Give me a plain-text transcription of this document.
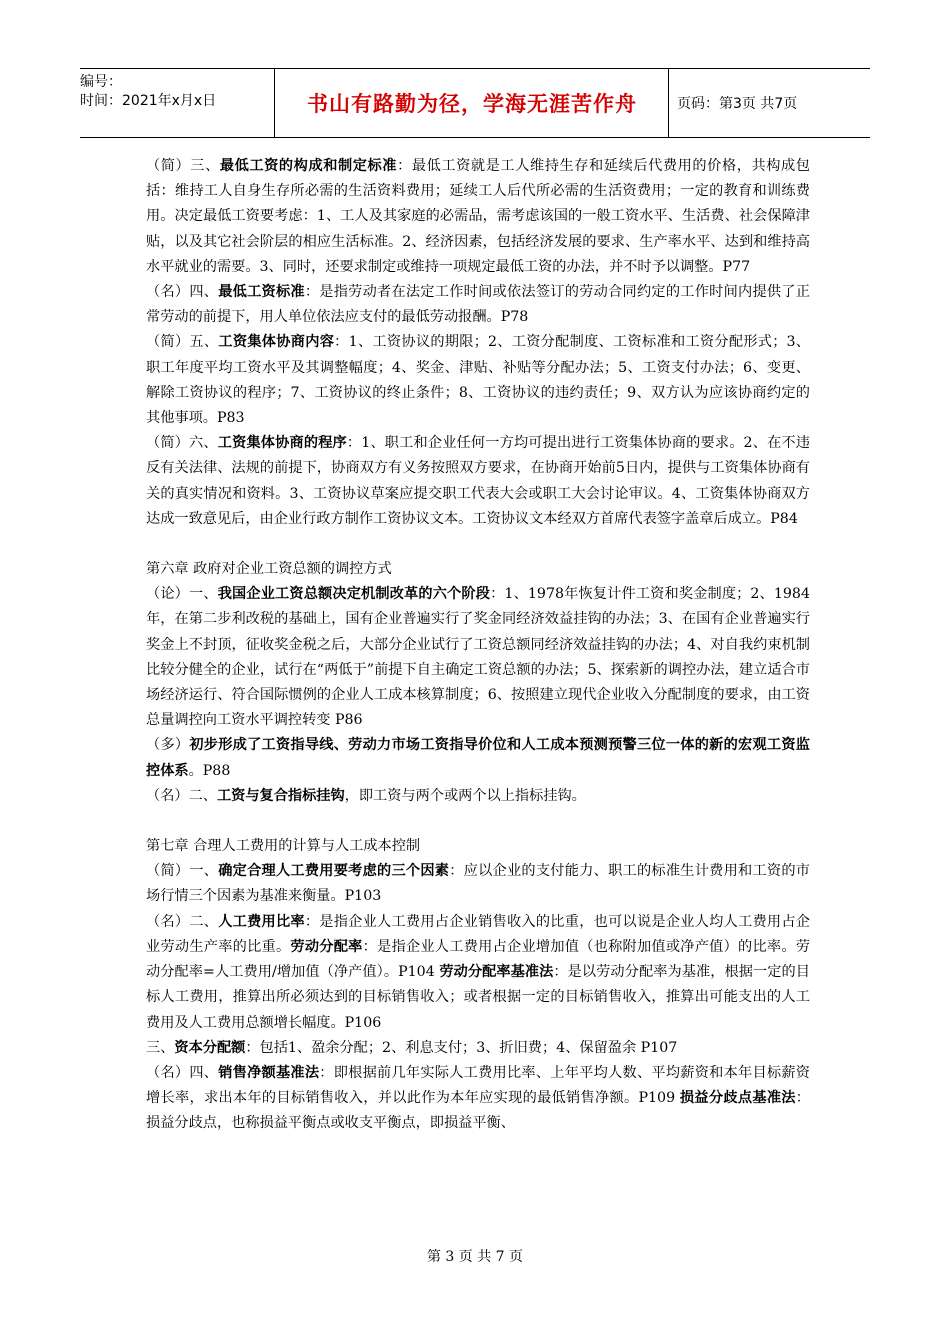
编号：
时间：2021年x月x日	书山有路勤为径，学海无涯苦作舟	页码：第3页 共7页

（简）三、最低工资的构成和制定标准：最低工资就是工人维持生存和延续后代费用的价格，共构成包括：维持工人自身生存所必需的生活资料费用；延续工人后代所必需的生活资费用；一定的教育和训练费用。决定最低工资要考虑：1、工人及其家庭的必需品，需考虑该国的一般工资水平、生活费、社会保障津贴，以及其它社会阶层的相应生活标准。2、经济因素，包括经济发展的要求、生产率水平、达到和维持高水平就业的需要。3、同时，还要求制定或维持一项规定最低工资的办法，并不时予以调整。P77

（名）四、最低工资标准：是指劳动者在法定工作时间或依法签订的劳动合同约定的工作时间内提供了正常劳动的前提下，用人单位依法应支付的最低劳动报酬。P78

（简）五、工资集体协商内容：1、工资协议的期限；2、工资分配制度、工资标准和工资分配形式；3、职工年度平均工资水平及其调整幅度；4、奖金、津贴、补贴等分配办法；5、工资支付办法；6、变更、解除工资协议的程序；7、工资协议的终止条件；8、工资协议的违约责任；9、双方认为应该协商约定的其他事项。P83

（简）六、工资集体协商的程序：1、职工和企业任何一方均可提出进行工资集体协商的要求。2、在不违反有关法律、法规的前提下，协商双方有义务按照双方要求，在协商开始前5日内，提供与工资集体协商有关的真实情况和资料。3、工资协议草案应提交职工代表大会或职工大会讨论审议。4、工资集体协商双方达成一致意见后，由企业行政方制作工资协议文本。工资协议文本经双方首席代表签字盖章后成立。P84

第六章 政府对企业工资总额的调控方式

（论）一、我国企业工资总额决定机制改革的六个阶段：1、1978年恢复计件工资和奖金制度；2、1984年，在第二步利改税的基础上，国有企业普遍实行了奖金同经济效益挂钩的办法；3、在国有企业普遍实行奖金上不封顶，征收奖金税之后，大部分企业试行了工资总额同经济效益挂钩的办法；4、对自我约束机制比较分健全的企业，试行在“两低于”前提下自主确定工资总额的办法；5、探索新的调控办法，建立适合市场经济运行、符合国际惯例的企业人工成本核算制度；6、按照建立现代企业收入分配制度的要求，由工资总量调控向工资水平调控转变 P86

（多）初步形成了工资指导线、劳动力市场工资指导价位和人工成本预测预警三位一体的新的宏观工资监控体系。P88

（名）二、工资与复合指标挂钩，即工资与两个或两个以上指标挂钩。

第七章 合理人工费用的计算与人工成本控制

（简）一、确定合理人工费用要考虑的三个因素：应以企业的支付能力、职工的标准生计费用和工资的市场行情三个因素为基准来衡量。P103

（名）二、人工费用比率：是指企业人工费用占企业销售收入的比重，也可以说是企业人均人工费用占企业劳动生产率的比重。劳动分配率：是指企业人工费用占企业增加值（也称附加值或净产值）的比率。劳动分配率=人工费用/增加值（净产值）。P104 劳动分配率基准法：是以劳动分配率为基准，根据一定的目标人工费用，推算出所必须达到的目标销售收入；或者根据一定的目标销售收入，推算出可能支出的人工费用及人工费用总额增长幅度。P106

三、资本分配额：包括1、盈余分配；2、利息支付；3、折旧费；4、保留盈余 P107

（名）四、销售净额基准法：即根据前几年实际人工费用比率、上年平均人数、平均薪资和本年目标薪资增长率，求出本年的目标销售收入，并以此作为本年应实现的最低销售净额。P109 损益分歧点基准法：损益分歧点，也称损益平衡点或收支平衡点，即损益平衡、

第 3 页 共 7 页
